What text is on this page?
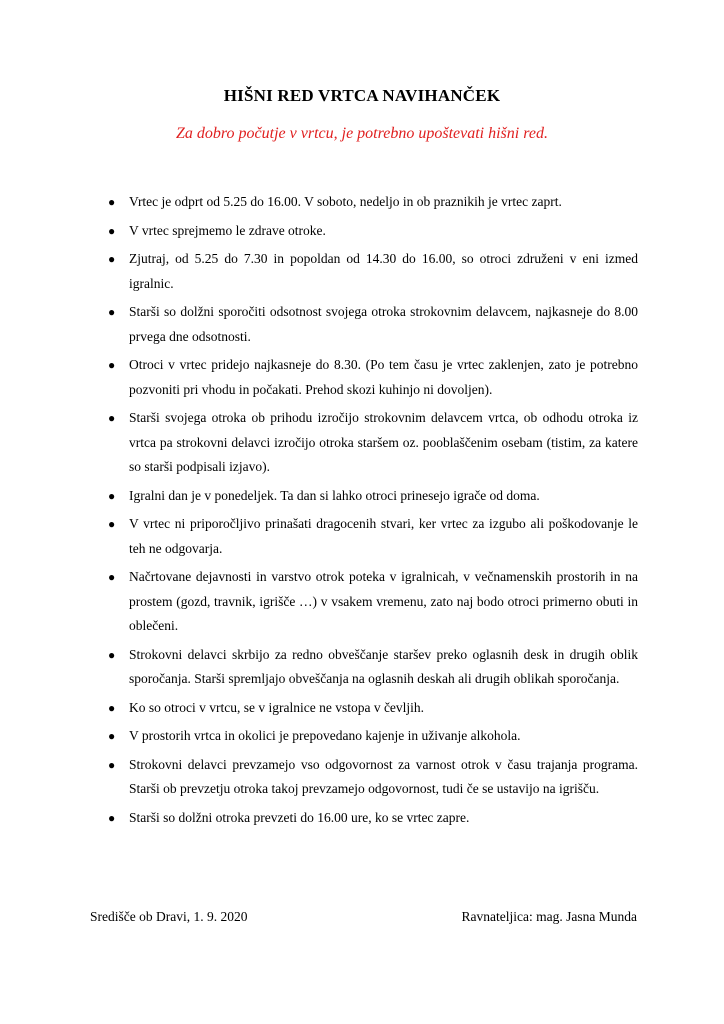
HIŠNI RED VRTCA NAVIHANČEK

Za dobro počutje v vrtcu, je potrebno upoštevati hišni red.

● Vrtec je odprt od 5.25 do 16.00. V soboto, nedeljo in ob praznikih je vrtec zaprt.
● V vrtec sprejmemo le zdrave otroke.
● Zjutraj, od 5.25 do 7.30 in popoldan od 14.30 do 16.00, so otroci združeni v eni izmed igralnic.
● Starši so dolžni sporočiti odsotnost svojega otroka strokovnim delavcem, najkasneje do 8.00 prvega dne odsotnosti.
● Otroci v vrtec pridejo najkasneje do 8.30. (Po tem času je vrtec zaklenjen, zato je potrebno pozvoniti pri vhodu in počakati. Prehod skozi kuhinjo ni dovoljen).
● Starši svojega otroka ob prihodu izročijo strokovnim delavcem vrtca, ob odhodu otroka iz vrtca pa strokovni delavci izročijo otroka staršem oz. pooblaščenim osebam (tistim, za katere so starši podpisali izjavo).
● Igralni dan je v ponedeljek. Ta dan si lahko otroci prinesejo igrače od doma.
● V vrtec ni priporočljivo prinašati dragocenih stvari, ker vrtec za izgubo ali poškodovanje le teh ne odgovarja.
● Načrtovane dejavnosti in varstvo otrok poteka v igralnicah, v večnamenskih prostorih in na prostem (gozd, travnik, igrišče …) v vsakem vremenu, zato naj bodo otroci primerno obuti in oblečeni.
● Strokovni delavci skrbijo za redno obveščanje staršev preko oglasnih desk in drugih oblik sporočanja. Starši spremljajo obveščanja na oglasnih deskah ali drugih oblikah sporočanja.
● Ko so otroci v vrtcu, se v igralnice ne vstopa v čevljih.
● V prostorih vrtca in okolici je prepovedano kajenje in uživanje alkohola.
● Strokovni delavci prevzamejo vso odgovornost za varnost otrok v času trajanja programa. Starši ob prevzetju otroka takoj prevzamejo odgovornost, tudi če se ustavijo na igrišču.
● Starši so dolžni otroka prevzeti do 16.00 ure, ko se vrtec zapre.

Središče ob Dravi, 1. 9. 2020	Ravnateljica: mag. Jasna Munda
